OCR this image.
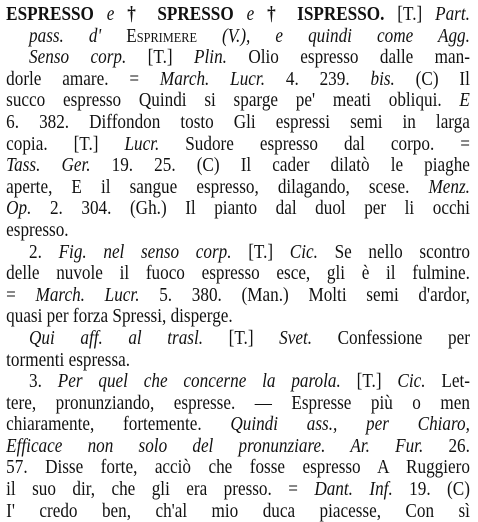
ESPRESSO e † SPRESSO e † ISPRESSO. [T.] Part.
pass. d' Esprimere (V.), e quindi come Agg.
Senso corp. [T.] Plin. Olio espresso dalle man-
dorle amare. = March. Lucr. 4. 239. bis. (C) Il
succo espresso Quindi si sparge pe' meati obliqui. E
6. 382. Diffondon tosto Gli espressi semi in larga
copia. [T.] Lucr. Sudore espresso dal corpo. =
Tass. Ger. 19. 25. (C) Il cader dilatò le piaghe
aperte, E il sangue espresso, dilagando, scese. Menz.
Op. 2. 304. (Gh.) Il pianto dal duol per li occhi
espresso.
2. Fig. nel senso corp. [T.] Cic. Se nello scontro
delle nuvole il fuoco espresso esce, gli è il fulmine.
= March. Lucr. 5. 380. (Man.) Molti semi d'ardor,
quasi per forza Spressi, disperge.
Qui aff. al trasl. [T.] Svet. Confessione per
tormenti espressa.
3. Per quel che concerne la parola. [T.] Cic. Let-
tere, pronunziando, espresse. — Espresse più o men
chiaramente, fortemente. Quindi ass., per Chiaro,
Efficace non solo del pronunziare. Ar. Fur. 26.
57. Disse forte, acciò che fosse espresso A Ruggiero
il suo dir, che gli era presso. = Dant. Inf. 19. (C)
I' credo ben, ch'al mio duca piacesse, Con sì
